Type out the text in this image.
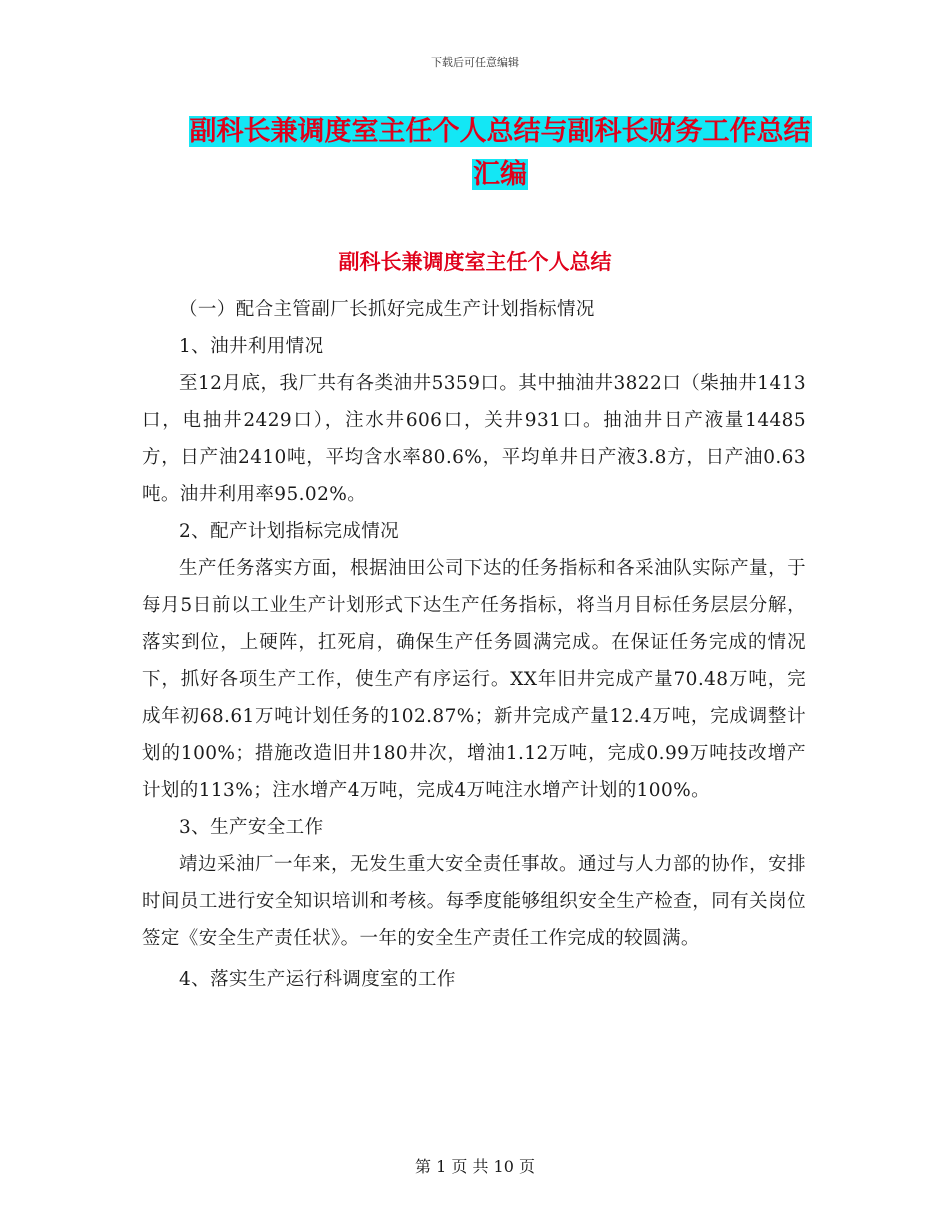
下载后可任意编辑
副科长兼调度室主任个人总结与副科长财务工作总结
汇编
副科长兼调度室主任个人总结

（一）配合主管副厂长抓好完成生产计划指标情况

1、油井利用情况

至12月底，我厂共有各类油井5359口。其中抽油井3822口（柴抽井1413口，电抽井2429口），注水井606口，关井931口。抽油井日产液量14485方，日产油2410吨，平均含水率80.6%，平均单井日产液3.8方，日产油0.63吨。油井利用率95.02%。

2、配产计划指标完成情况

生产任务落实方面，根据油田公司下达的任务指标和各采油队实际产量，于每月5日前以工业生产计划形式下达生产任务指标，将当月目标任务层层分解，落实到位，上硬阵，扛死肩，确保生产任务圆满完成。在保证任务完成的情况下，抓好各项生产工作，使生产有序运行。XX年旧井完成产量70.48万吨，完成年初68.61万吨计划任务的102.87%；新井完成产量12.4万吨，完成调整计划的100%；措施改造旧井180井次，增油1.12万吨，完成0.99万吨技改增产计划的113%；注水增产4万吨，完成4万吨注水增产计划的100%。

3、生产安全工作

靖边采油厂一年来，无发生重大安全责任事故。通过与人力部的协作，安排时间员工进行安全知识培训和考核。每季度能够组织安全生产检查，同有关岗位签定《安全生产责任状》。一年的安全生产责任工作完成的较圆满。

4、落实生产运行科调度室的工作

第 1 页 共 10 页
